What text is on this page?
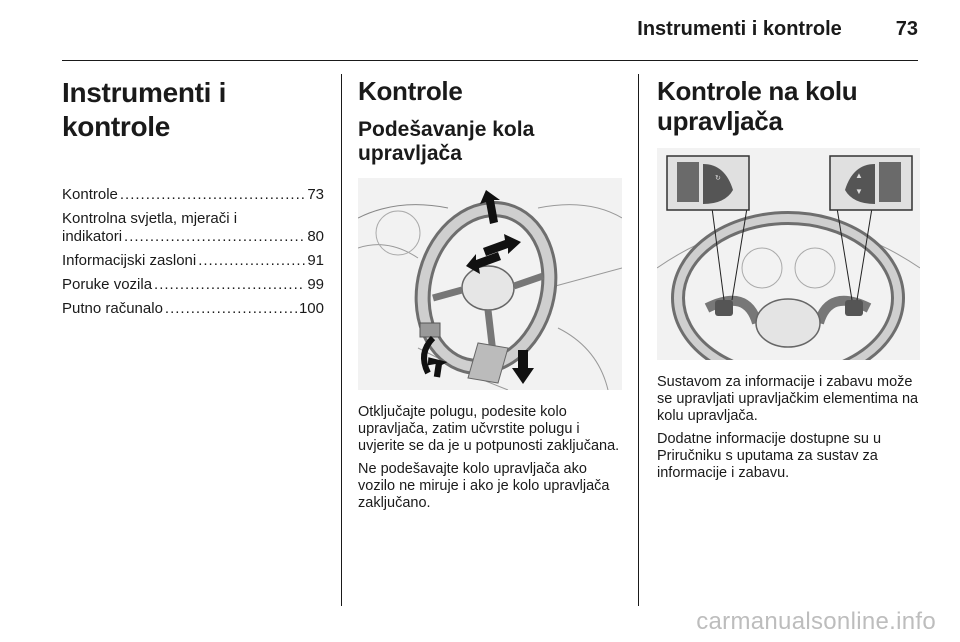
Instrumenti i kontrole	73
Instrumenti i kontrole
Kontrole .....	73
Kontrolna svjetla, mjerači i
indikatori .....	80
Informacijski zasloni .....	91
Poruke vozila .....	99
Putno računalo .....	100
Kontrole
Podešavanje kola upravljača

Otključajte polugu, podesite kolo upravljača, zatim učvrstite polugu i uvjerite se da je u potpunosti zaključana.

Ne podešavajte kolo upravljača ako vozilo ne miruje i ako je kolo upravljača zaključano.

Kontrole na kolu upravljača
↻	▲
▼

Sustavom za informacije i zabavu može se upravljati upravljačkim elementima na kolu upravljača.

Dodatne informacije dostupne su u Priručniku s uputama za sustav za informacije i zabavu.

carmanualsonline.info
